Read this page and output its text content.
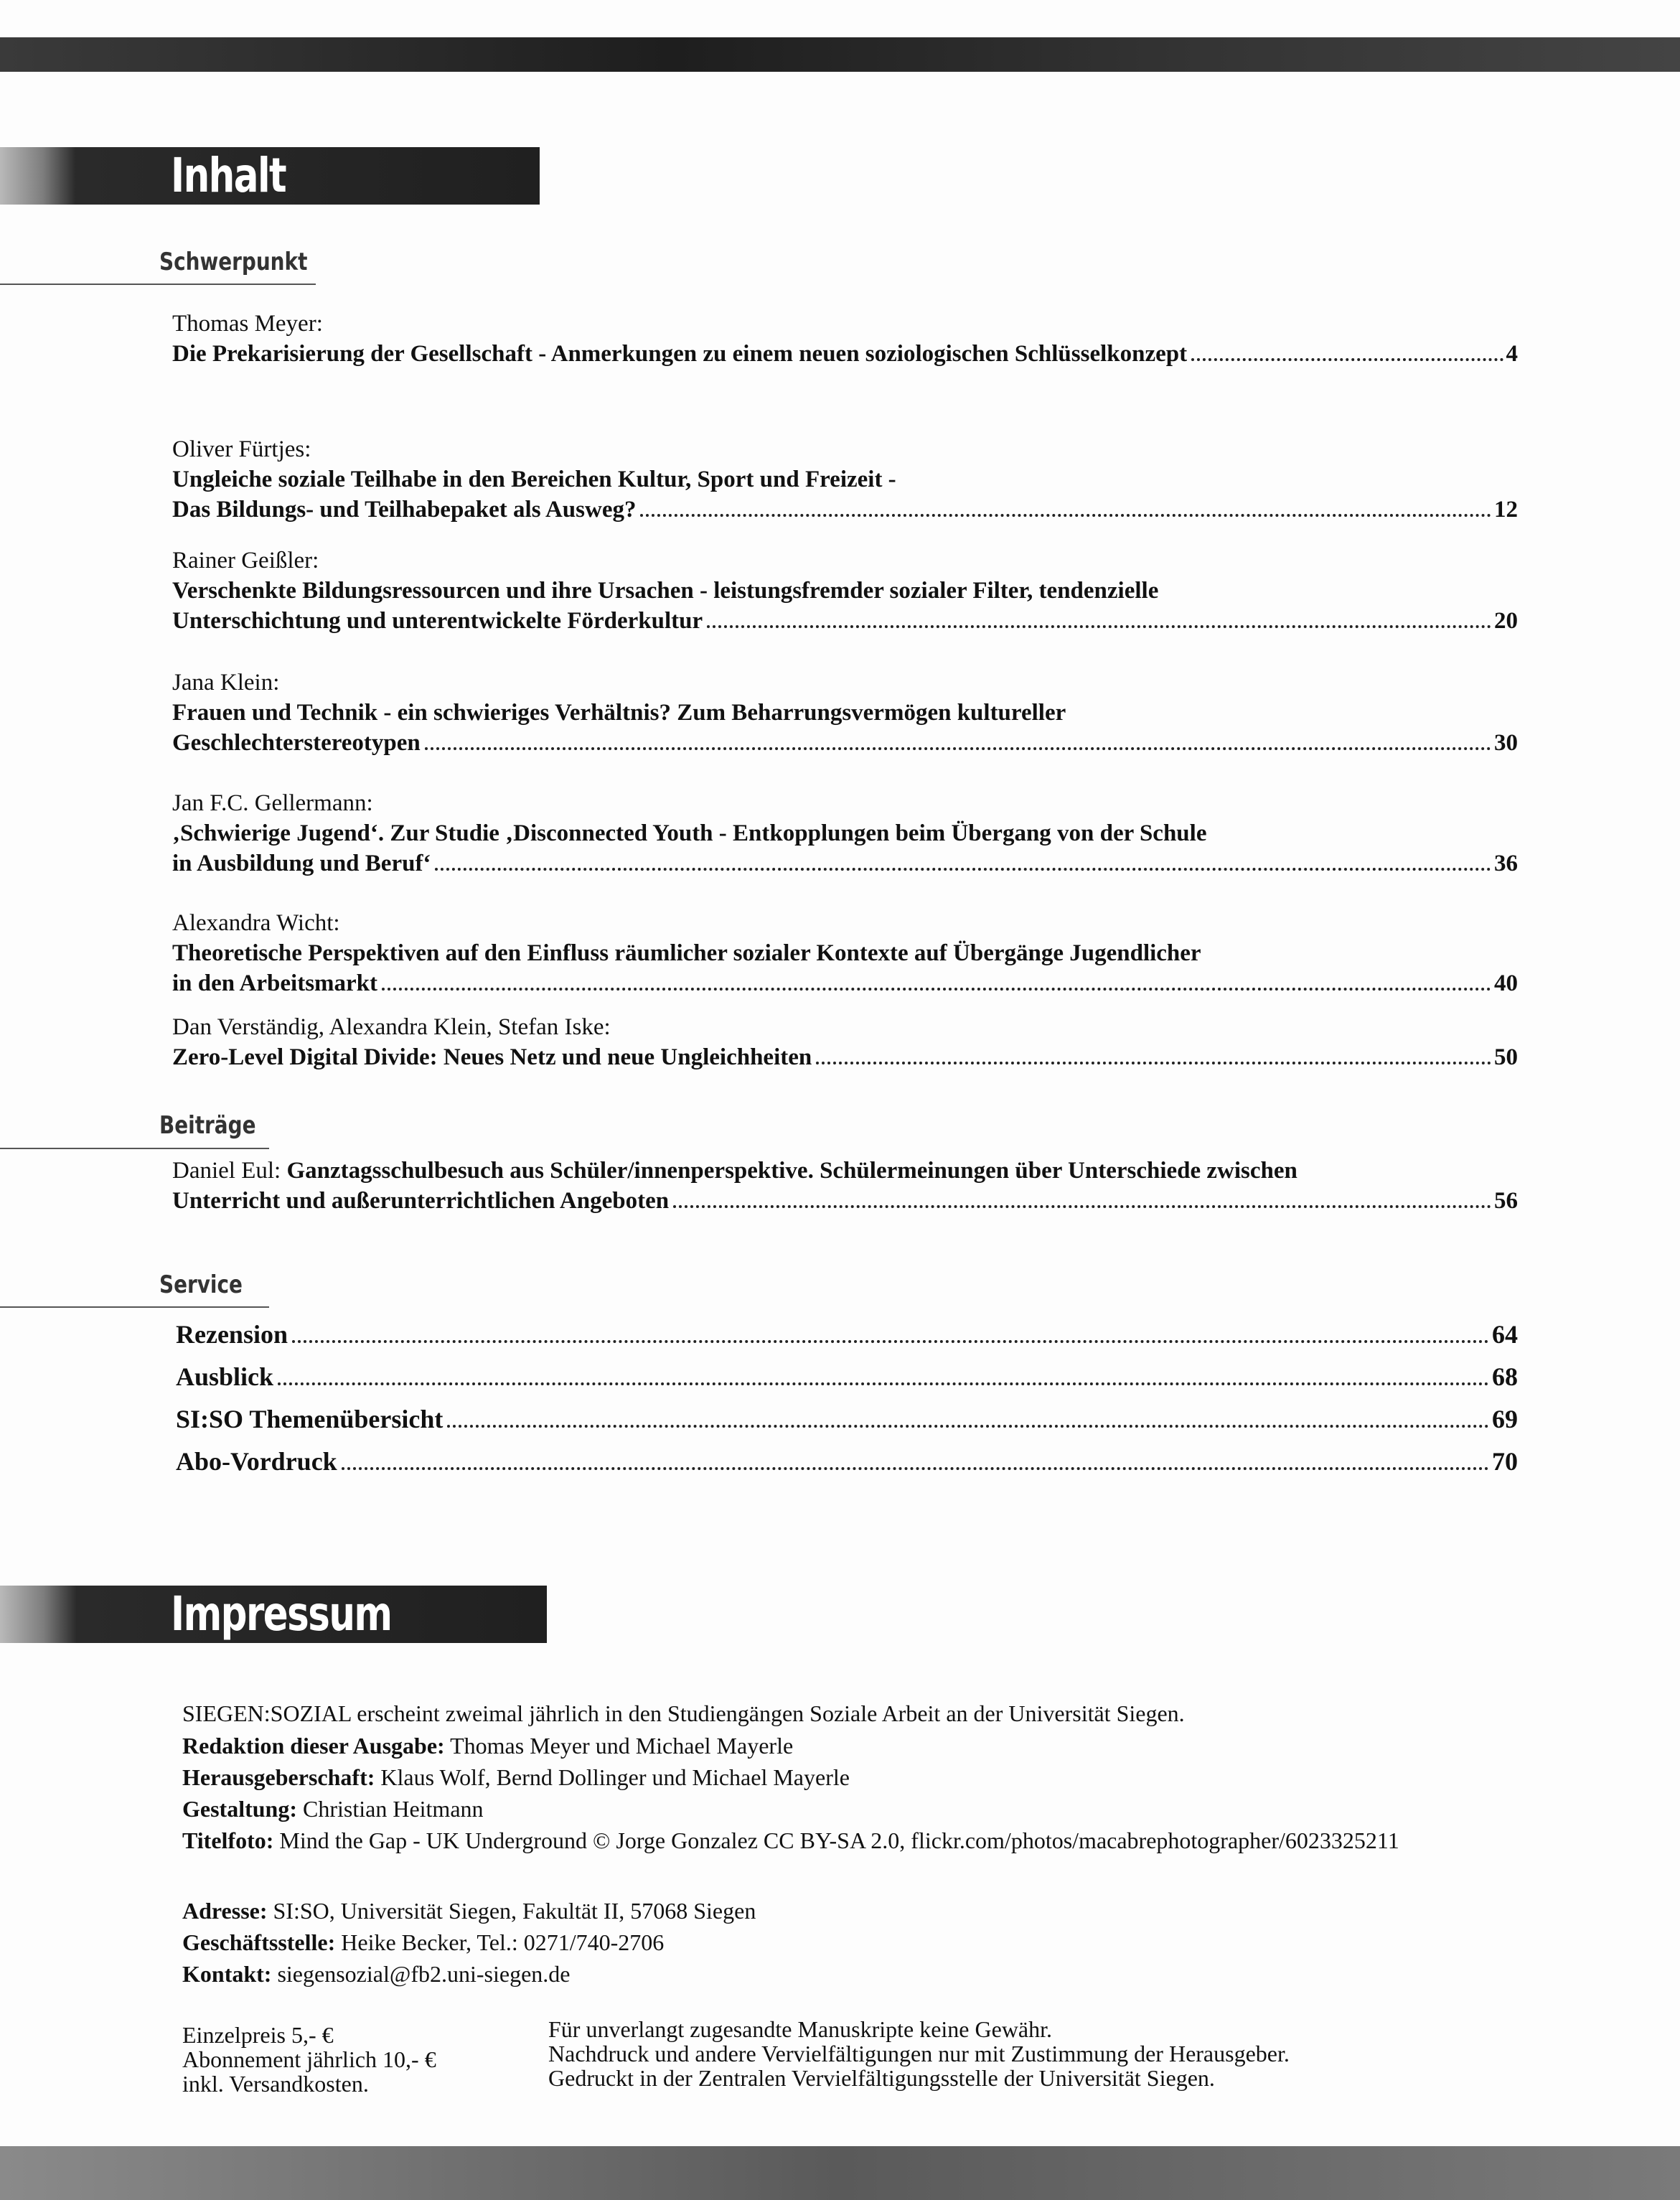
Inhalt
Schwerpunkt
Thomas Meyer:
Die Prekarisierung der Gesellschaft - Anmerkungen zu einem neuen soziologischen Schlüsselkonzept	4
Oliver Fürtjes:
Ungleiche soziale Teilhabe in den Bereichen Kultur, Sport und Freizeit -
Das Bildungs- und Teilhabepaket als Ausweg?	12
Rainer Geißler:
Verschenkte Bildungsressourcen und ihre Ursachen - leistungsfremder sozialer Filter, tendenzielle
Unterschichtung und unterentwickelte Förderkultur	20
Jana Klein:
Frauen und Technik - ein schwieriges Verhältnis? Zum Beharrungsvermögen kultureller
Geschlechterstereotypen	30
Jan F.C. Gellermann:
‚Schwierige Jugend‘. Zur Studie ‚Disconnected Youth - Entkopplungen beim Übergang von der Schule
in Ausbildung und Beruf‘	36
Alexandra Wicht:
Theoretische Perspektiven auf den Einfluss räumlicher sozialer Kontexte auf Übergänge Jugendlicher
in den Arbeitsmarkt	40
Dan Verständig, Alexandra Klein, Stefan Iske:
Zero-Level Digital Divide: Neues Netz und neue Ungleichheiten	50
Beiträge
Daniel Eul:
Ganztagsschulbesuch aus Schüler/innenperspektive. Schülermeinungen über Unterschiede zwischen
Unterricht und außerunterrichtlichen Angeboten	56
Service
Rezension	64
Ausblick	68
SI:SO Themenübersicht	69
Abo-Vordruck	70
Impressum
SIEGEN:SOZIAL erscheint zweimal jährlich in den Studiengängen Soziale Arbeit an der Universität Siegen.
Redaktion dieser Ausgabe: Thomas Meyer und Michael Mayerle
Herausgeberschaft: Klaus Wolf, Bernd Dollinger und Michael Mayerle
Gestaltung: Christian Heitmann
Titelfoto: Mind the Gap - UK Underground © Jorge Gonzalez CC BY-SA 2.0, flickr.com/photos/macabrephotographer/6023325211
Adresse: SI:SO, Universität Siegen, Fakultät II, 57068 Siegen
Geschäftsstelle: Heike Becker, Tel.: 0271/740-2706
Kontakt: siegensozial@fb2.uni-siegen.de
Einzelpreis 5,- €
Abonnement jährlich 10,- €
inkl. Versandkosten.
Für unverlangt zugesandte Manuskripte keine Gewähr.
Nachdruck und andere Vervielfältigungen nur mit Zustimmung der Herausgeber.
Gedruckt in der Zentralen Vervielfältigungsstelle der Universität Siegen.
